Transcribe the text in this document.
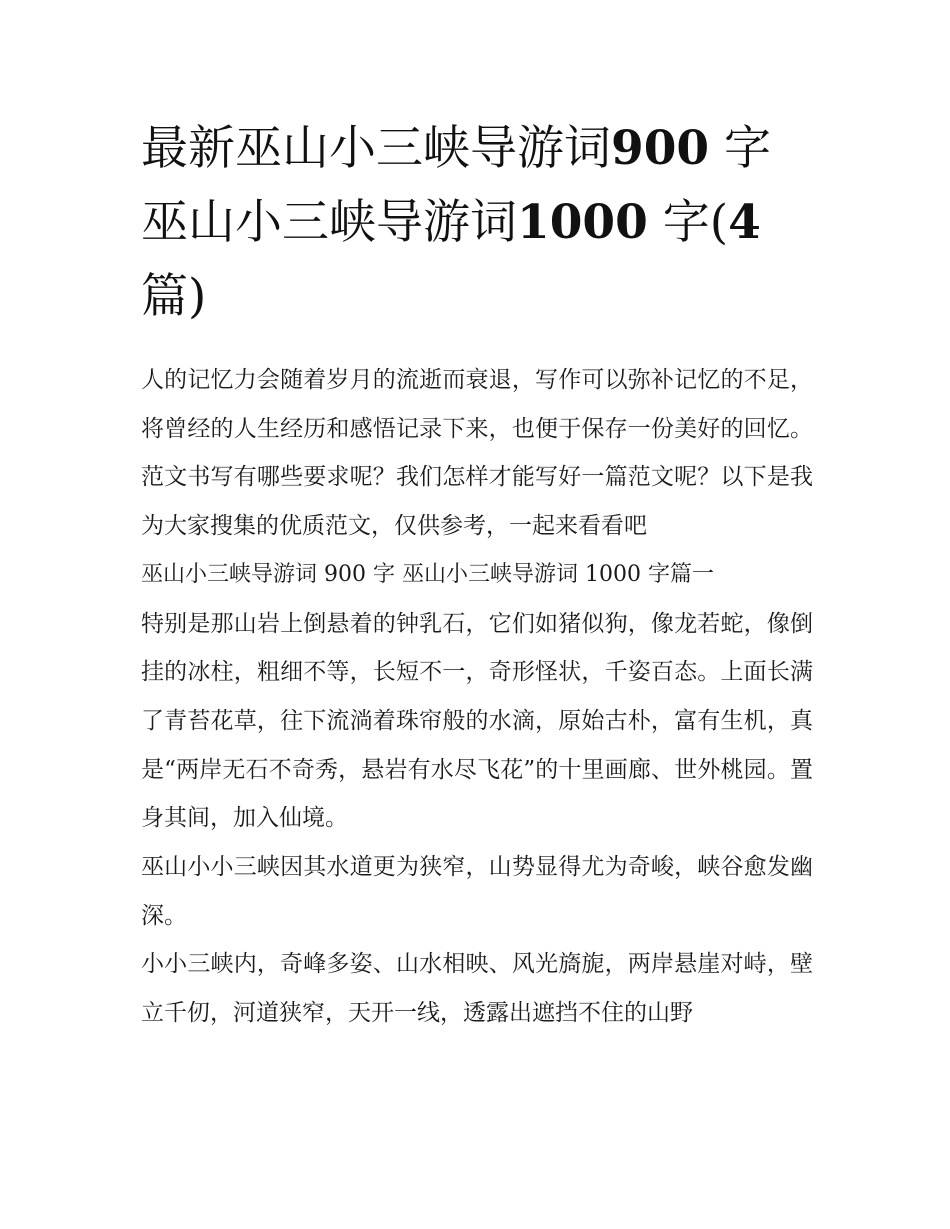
最新巫山小三峡导游词900 字 巫山小三峡导游词1000 字(4 篇)

人的记忆力会随着岁月的流逝而衰退，写作可以弥补记忆的不足，将曾经的人生经历和感悟记录下来，也便于保存一份美好的回忆。范文书写有哪些要求呢？我们怎样才能写好一篇范文呢？以下是我为大家搜集的优质范文，仅供参考，一起来看看吧

巫山小三峡导游词 900 字 巫山小三峡导游词 1000 字篇一

特别是那山岩上倒悬着的钟乳石，它们如猪似狗，像龙若蛇，像倒挂的冰柱，粗细不等，长短不一，奇形怪状，千姿百态。上面长满了青苔花草，往下流淌着珠帘般的水滴，原始古朴，富有生机，真是“两岸无石不奇秀，悬岩有水尽飞花”的十里画廊、世外桃园。置身其间，加入仙境。

巫山小小三峡因其水道更为狭窄，山势显得尤为奇峻，峡谷愈发幽深。

小小三峡内，奇峰多姿、山水相映、风光旖旎，两岸悬崖对峙，壁立千仞，河道狭窄，天开一线，透露出遮挡不住的山野
